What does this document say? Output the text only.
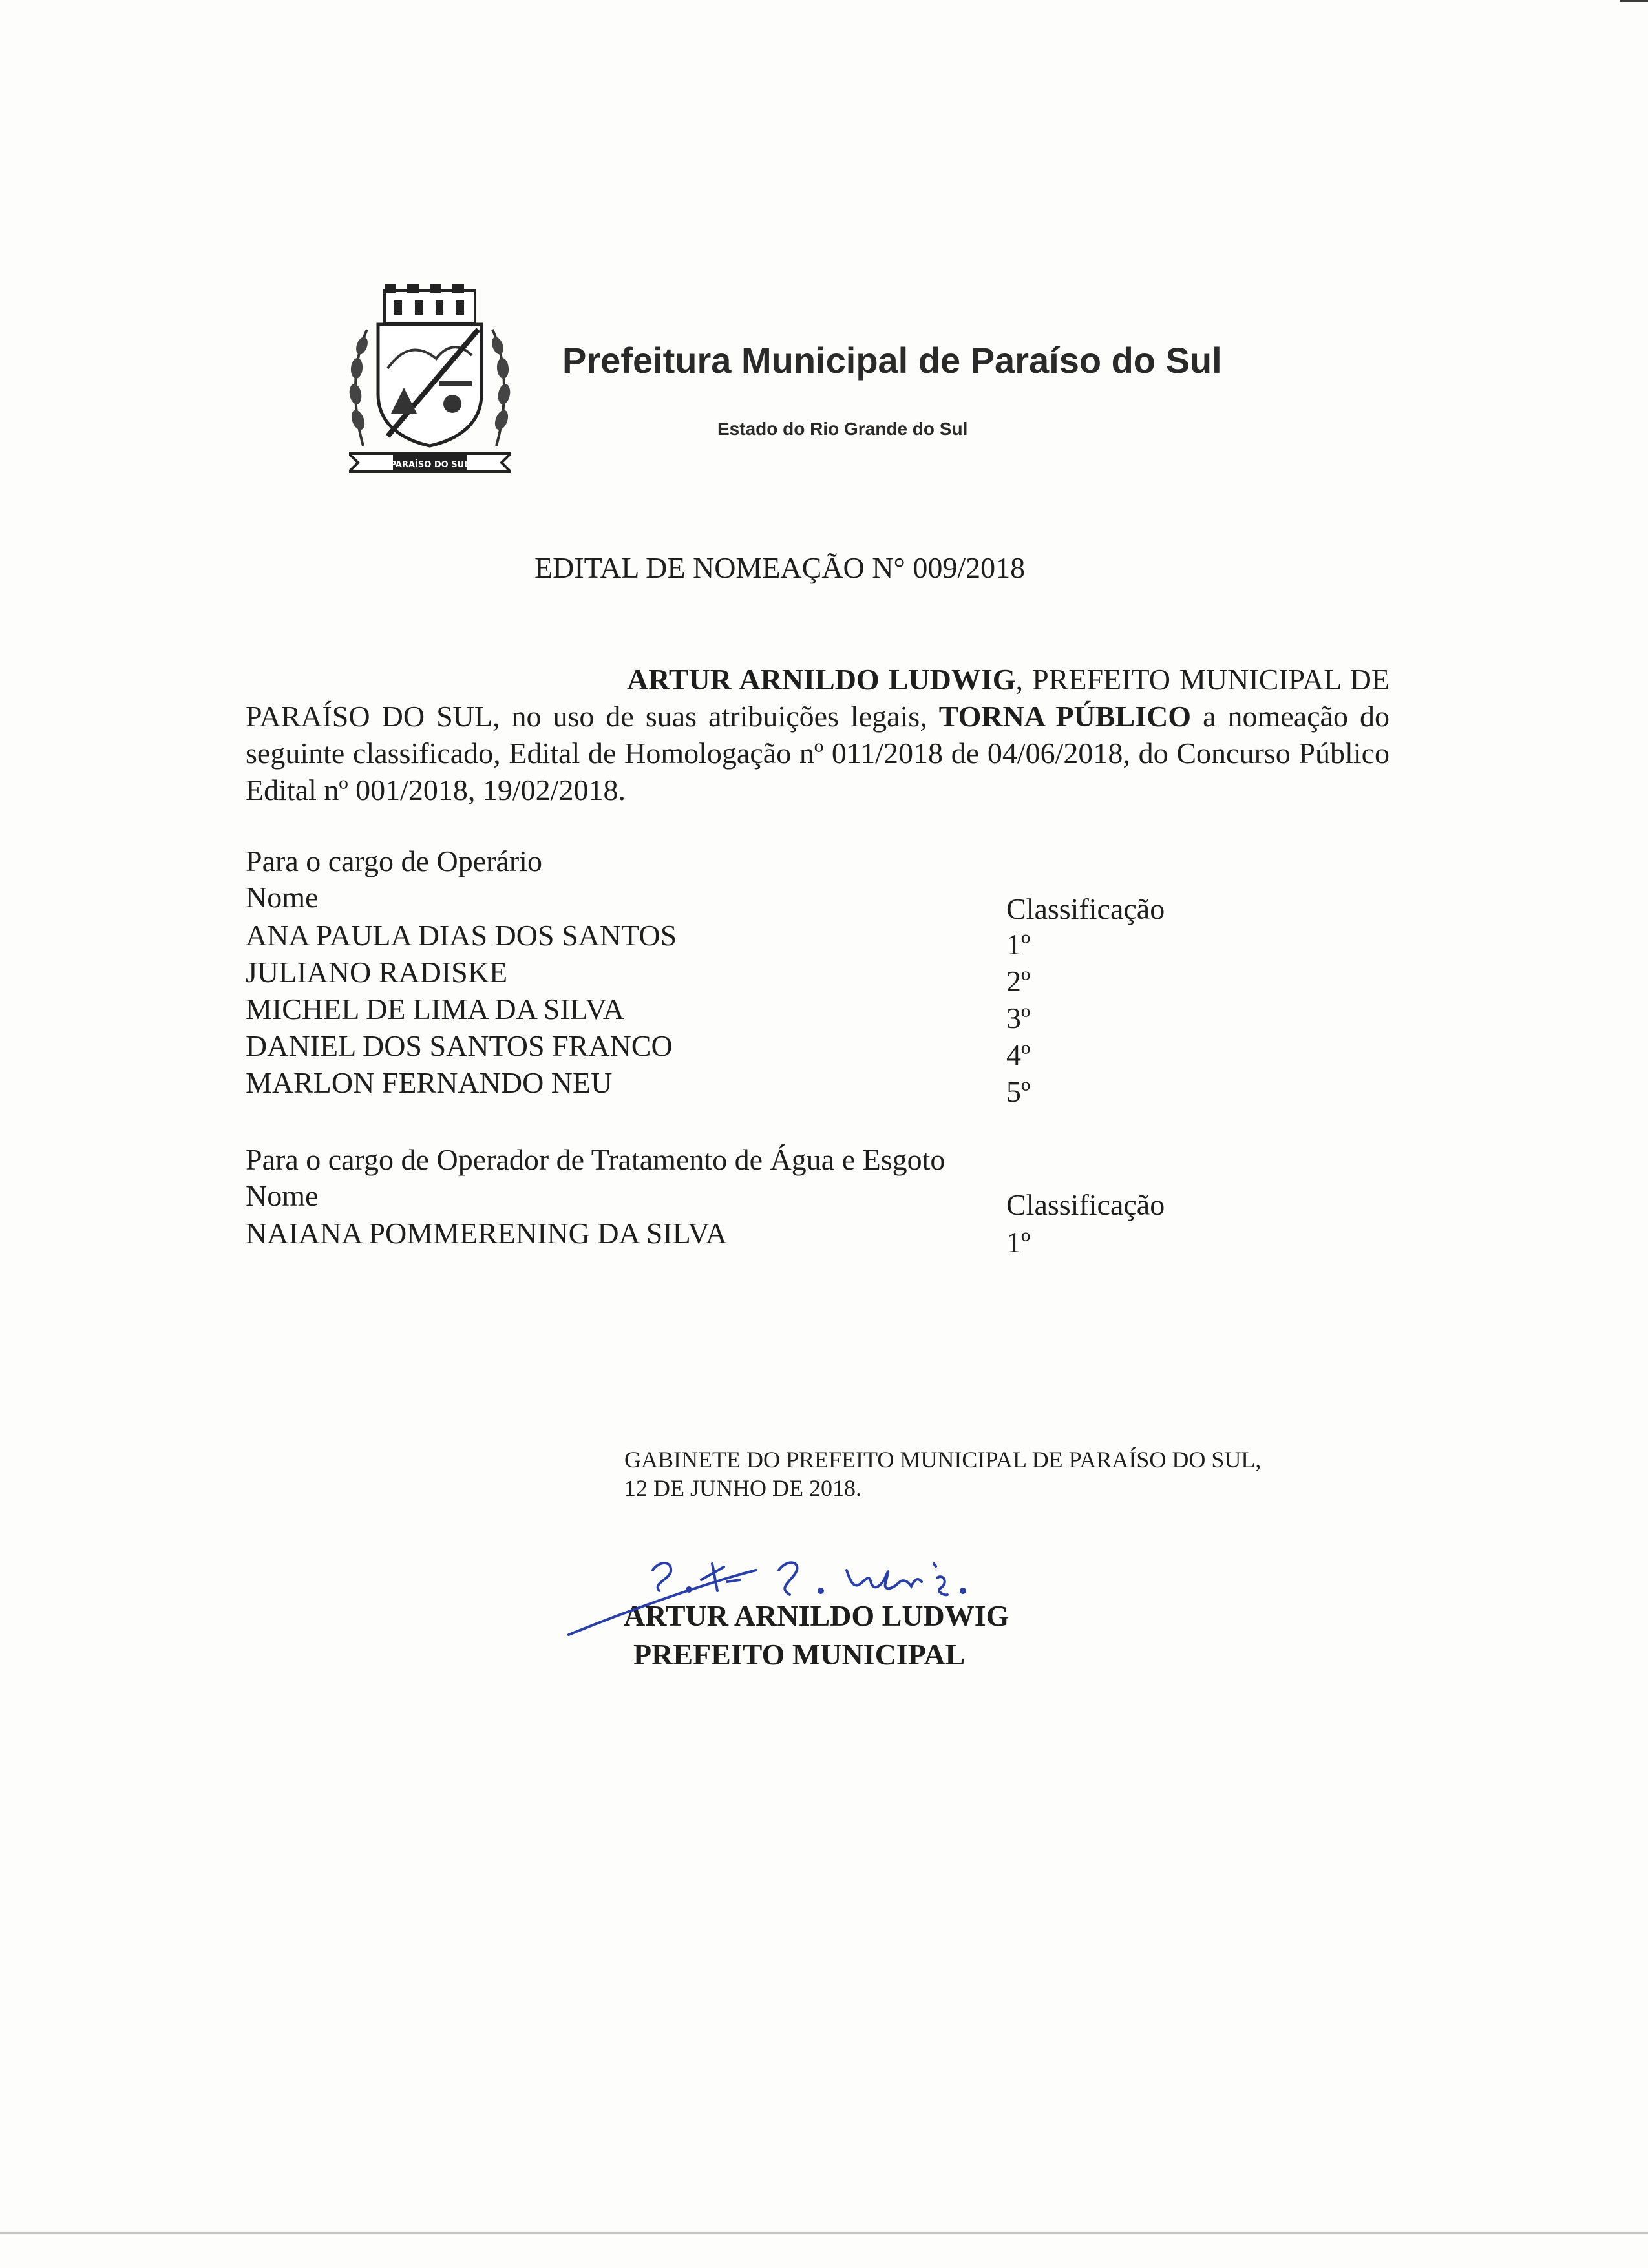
PARAÍSO DO SUL
Prefeitura Municipal de Paraíso do Sul
Estado do Rio Grande do Sul
EDITAL DE NOMEAÇÃO N° 009/2018
ARTUR ARNILDO LUDWIG, PREFEITO MUNICIPAL DE PARAÍSO DO SUL, no uso de suas atribuições legais, TORNA PÚBLICO a nomeação do seguinte classificado, Edital de Homologação nº 011/2018 de 04/06/2018, do Concurso Público Edital nº 001/2018, 19/02/2018.
Para o cargo de Operário
Nome	Classificação
ANA PAULA DIAS DOS SANTOS	1º
JULIANO RADISKE	2º
MICHEL DE LIMA DA SILVA	3º
DANIEL DOS SANTOS FRANCO	4º
MARLON FERNANDO NEU	5º
Para o cargo de Operador de Tratamento de Água e Esgoto
Nome	Classificação
NAIANA POMMERENING DA SILVA	1º
GABINETE DO PREFEITO MUNICIPAL DE PARAÍSO DO SUL,
12 DE JUNHO DE 2018.
ARTUR ARNILDO LUDWIG
PREFEITO MUNICIPAL
